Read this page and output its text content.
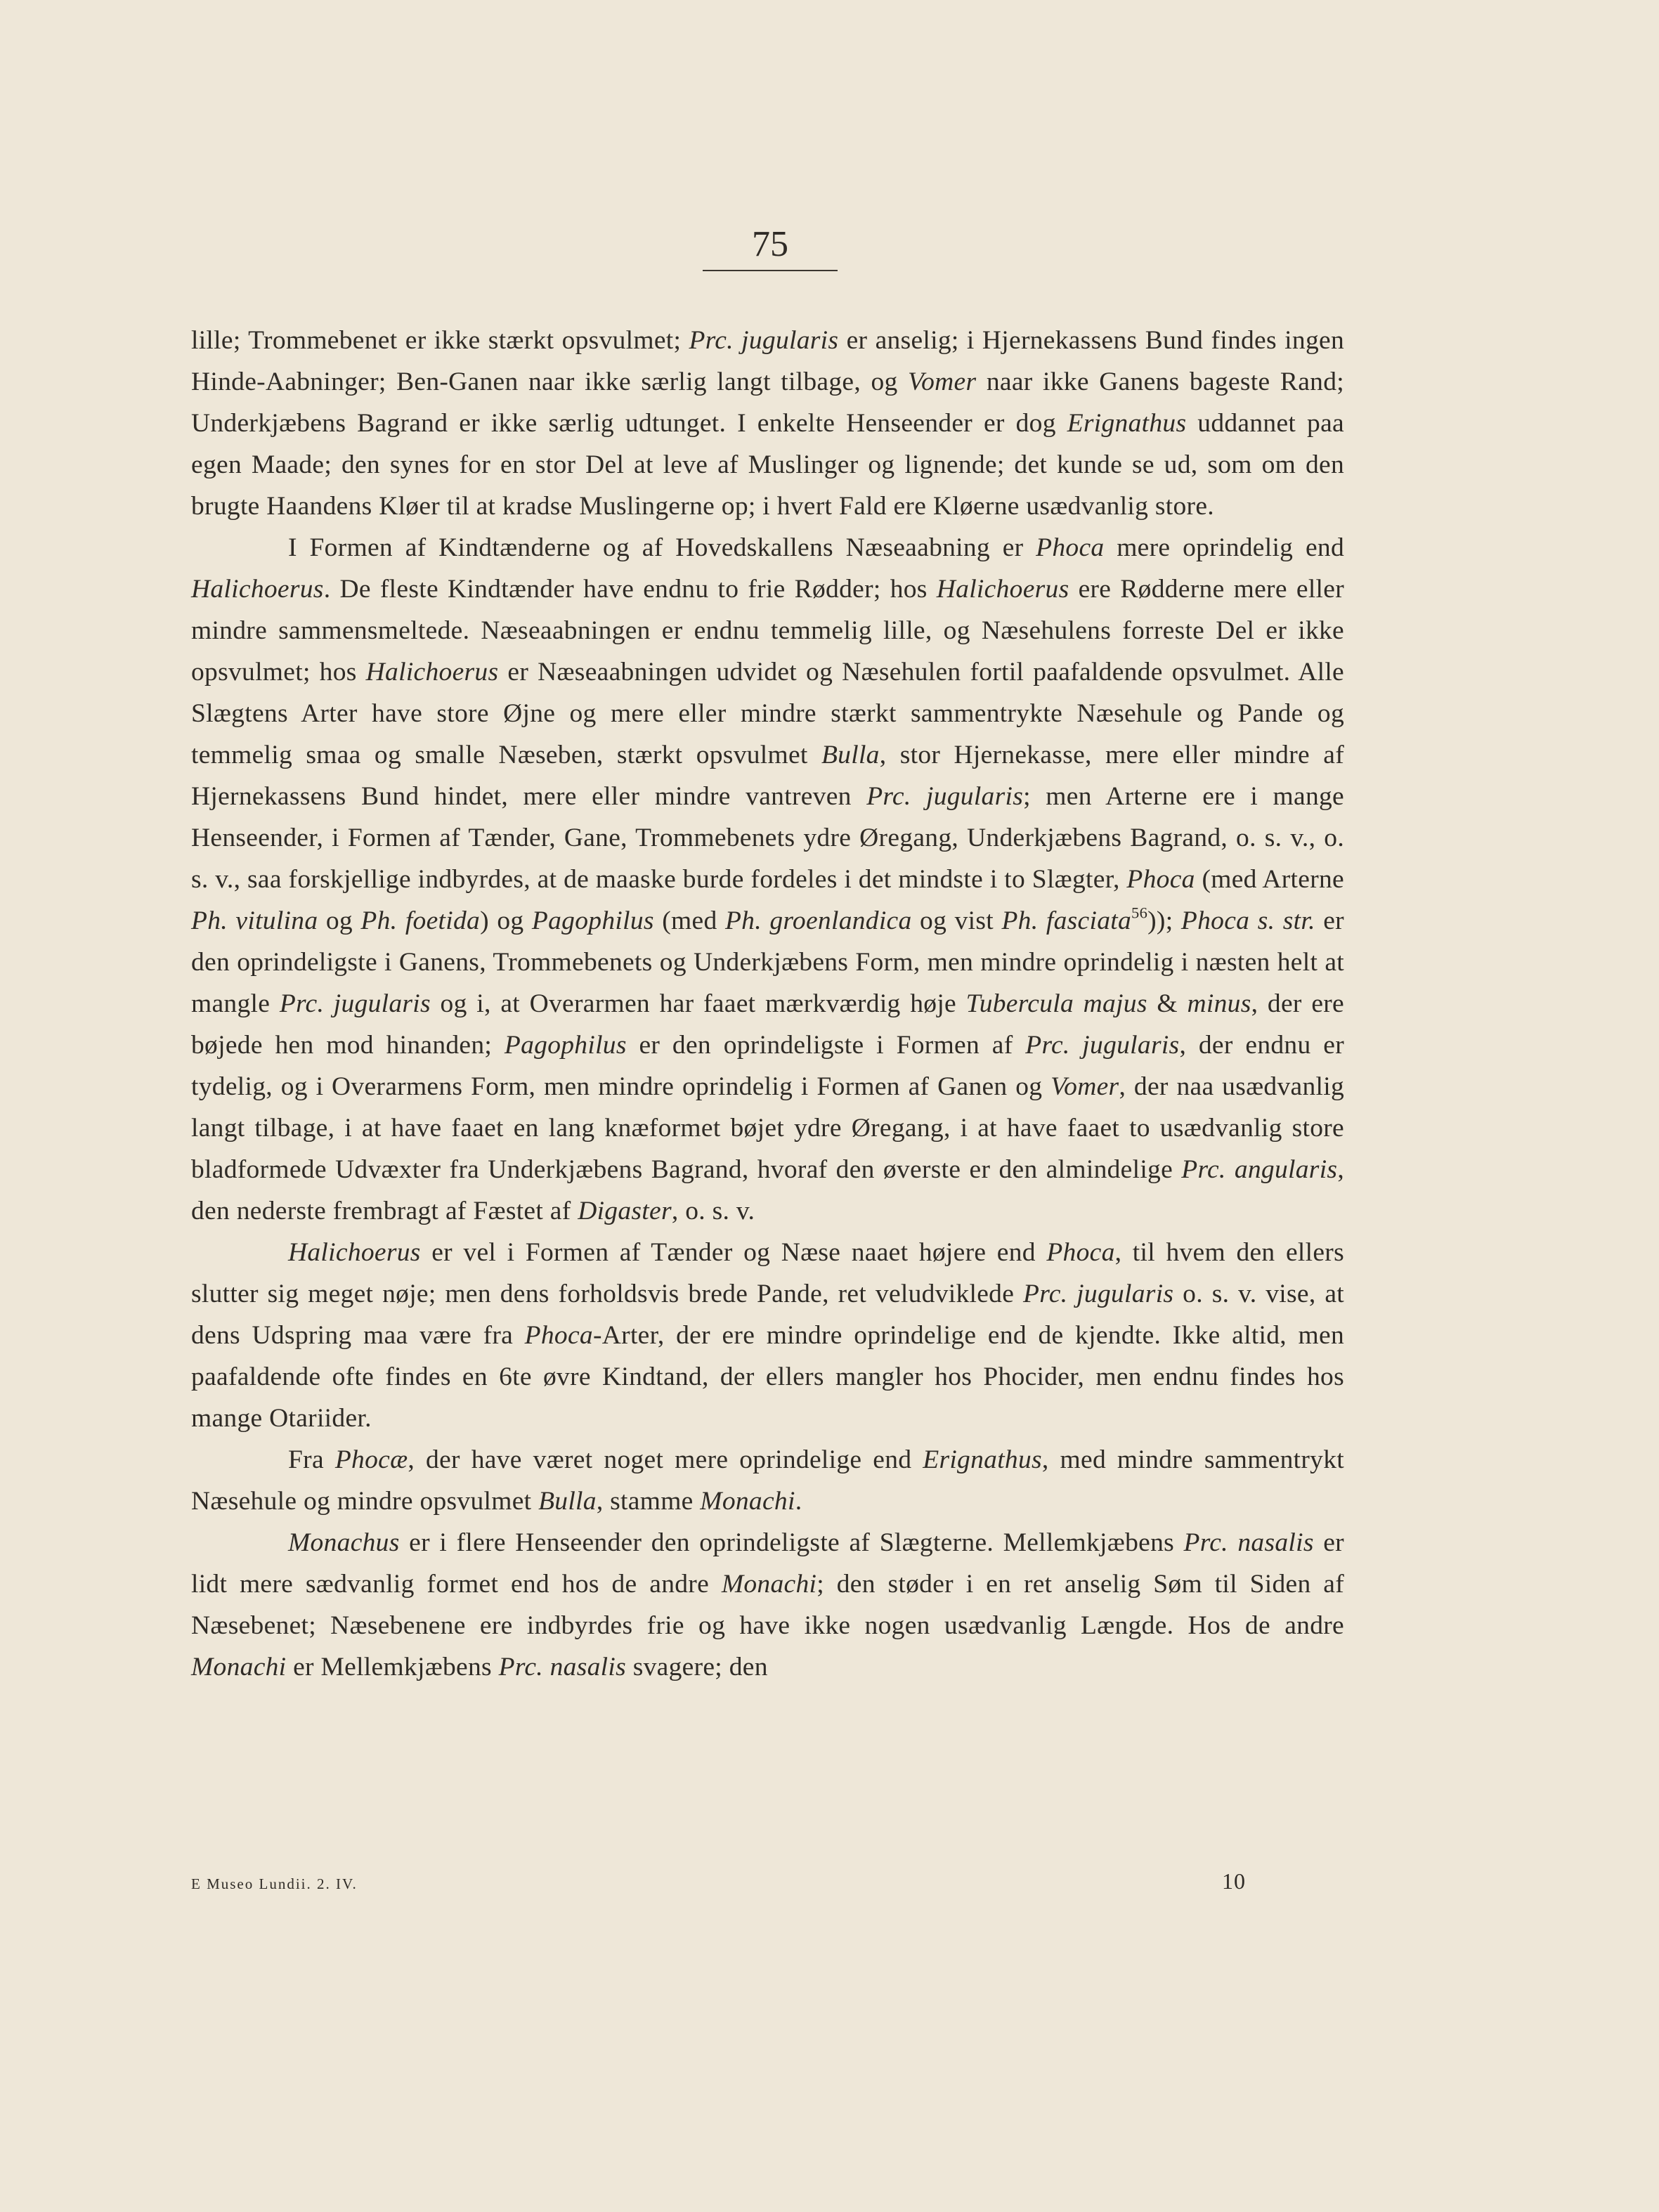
75

lille; Trommebenet er ikke stærkt opsvulmet; Prc. jugularis er anselig; i Hjernekassens Bund findes ingen Hinde-Aabninger; Ben-Ganen naar ikke særlig langt tilbage, og Vomer naar ikke Ganens bageste Rand; Underkjæbens Bagrand er ikke særlig udtunget. I enkelte Henseender er dog Erignathus uddannet paa egen Maade; den synes for en stor Del at leve af Muslinger og lignende; det kunde se ud, som om den brugte Haandens Kløer til at kradse Muslingerne op; i hvert Fald ere Kløerne usædvanlig store.

I Formen af Kindtænderne og af Hovedskallens Næseaabning er Phoca mere oprindelig end Halichoerus. De fleste Kindtænder have endnu to frie Rødder; hos Halichoerus ere Rødderne mere eller mindre sammensmeltede. Næseaabningen er endnu temmelig lille, og Næsehulens forreste Del er ikke opsvulmet; hos Halichoerus er Næseaabningen udvidet og Næsehulen fortil paafaldende opsvulmet. Alle Slægtens Arter have store Øjne og mere eller mindre stærkt sammentrykte Næsehule og Pande og temmelig smaa og smalle Næseben, stærkt opsvulmet Bulla, stor Hjernekasse, mere eller mindre af Hjernekassens Bund hindet, mere eller mindre vantreven Prc. jugularis; men Arterne ere i mange Henseender, i Formen af Tænder, Gane, Trommebenets ydre Øregang, Underkjæbens Bagrand, o. s. v., o. s. v., saa forskjellige indbyrdes, at de maaske burde fordeles i det mindste i to Slægter, Phoca (med Arterne Ph. vitulina og Ph. foetida) og Pagophilus (med Ph. groenlandica og vist Ph. fasciata$^{56}$)); Phoca s. str. er den oprindeligste i Ganens, Trommebenets og Underkjæbens Form, men mindre oprindelig i næsten helt at mangle Prc. jugularis og i, at Overarmen har faaet mærkværdig høje Tubercula majus & minus, der ere bøjede hen mod hinanden; Pagophilus er den oprindeligste i Formen af Prc. jugularis, der endnu er tydelig, og i Overarmens Form, men mindre oprindelig i Formen af Ganen og Vomer, der naa usædvanlig langt tilbage, i at have faaet en lang knæformet bøjet ydre Øregang, i at have faaet to usædvanlig store bladformede Udvæxter fra Underkjæbens Bagrand, hvoraf den øverste er den almindelige Prc. angularis, den nederste frembragt af Fæstet af Digaster, o. s. v.

Halichoerus er vel i Formen af Tænder og Næse naaet højere end Phoca, til hvem den ellers slutter sig meget nøje; men dens forholdsvis brede Pande, ret veludviklede Prc. jugularis o. s. v. vise, at dens Udspring maa være fra Phoca-Arter, der ere mindre oprindelige end de kjendte. Ikke altid, men paafaldende ofte findes en 6te øvre Kindtand, der ellers mangler hos Phocider, men endnu findes hos mange Otariider.

Fra Phocæ, der have været noget mere oprindelige end Erignathus, med mindre sammentrykt Næsehule og mindre opsvulmet Bulla, stamme Monachi.

Monachus er i flere Henseender den oprindeligste af Slægterne. Mellemkjæbens Prc. nasalis er lidt mere sædvanlig formet end hos de andre Monachi; den støder i en ret anselig Søm til Siden af Næsebenet; Næsebenene ere indbyrdes frie og have ikke nogen usædvanlig Længde. Hos de andre Monachi er Mellemkjæbens Prc. nasalis svagere; den

E Museo Lundii. 2. IV.	10
